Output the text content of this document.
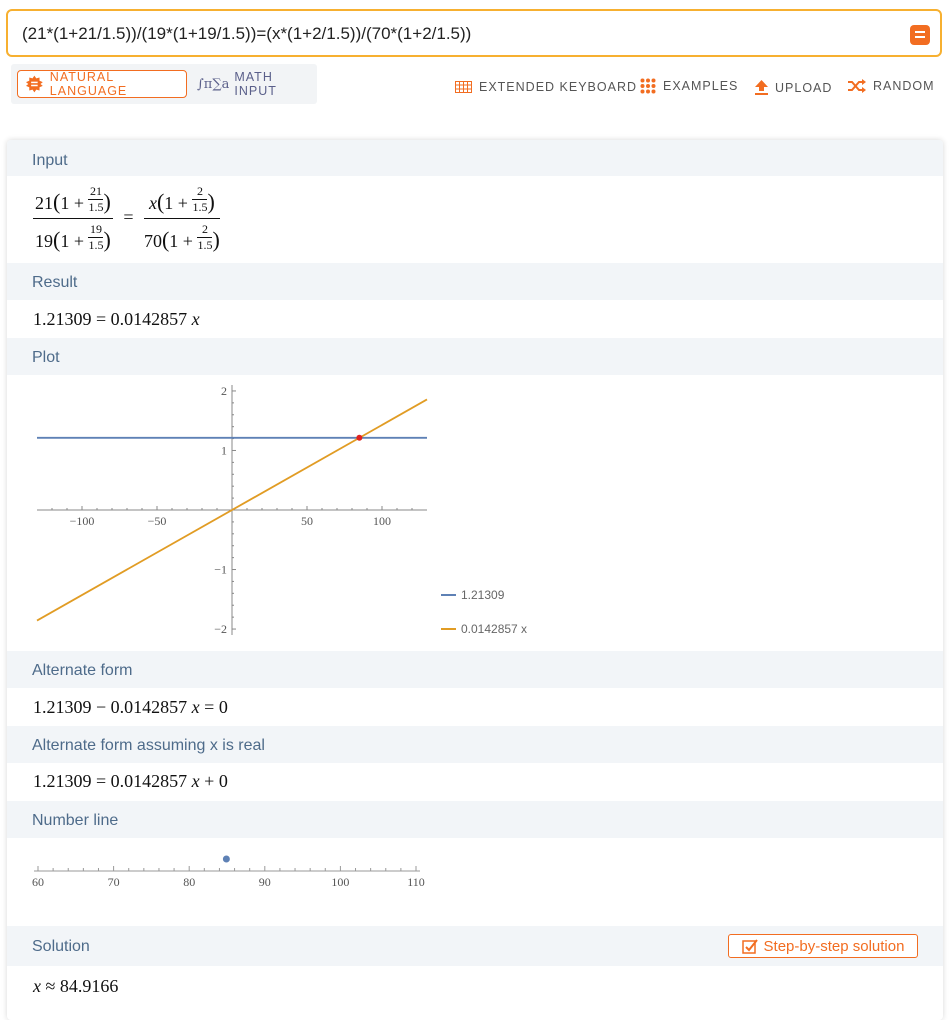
(21*(1+21/1.5))/(19*(1+19/1.5))=(x*(1+2/1.5))/(70*(1+2/1.5))
NATURAL LANGUAGE	∫π∑a MATH INPUT	EXTENDED KEYBOARD EXAMPLES	UPLOAD	RANDOM
Input
$\frac{21(1 + \frac{21}{1.5} )}{19(1 + \frac{19}{1.5} )} = \frac{x(1 + \frac{2}{1.5} )}{70(1 + \frac{2}{1.5} )}$
Result
1.21309 = 0.0142857 x
Plot
−100	−50	50	100
−2
−1
1
2
1.21309
0.0142857 x
Alternate form
1.21309 − 0.0142857 x = 0
Alternate form assuming x is real
1.21309 = 0.0142857 x + 0
Number line
60	70	80	90	100	110
Solution	Step-by-step solution
x ≈ 84.9166
